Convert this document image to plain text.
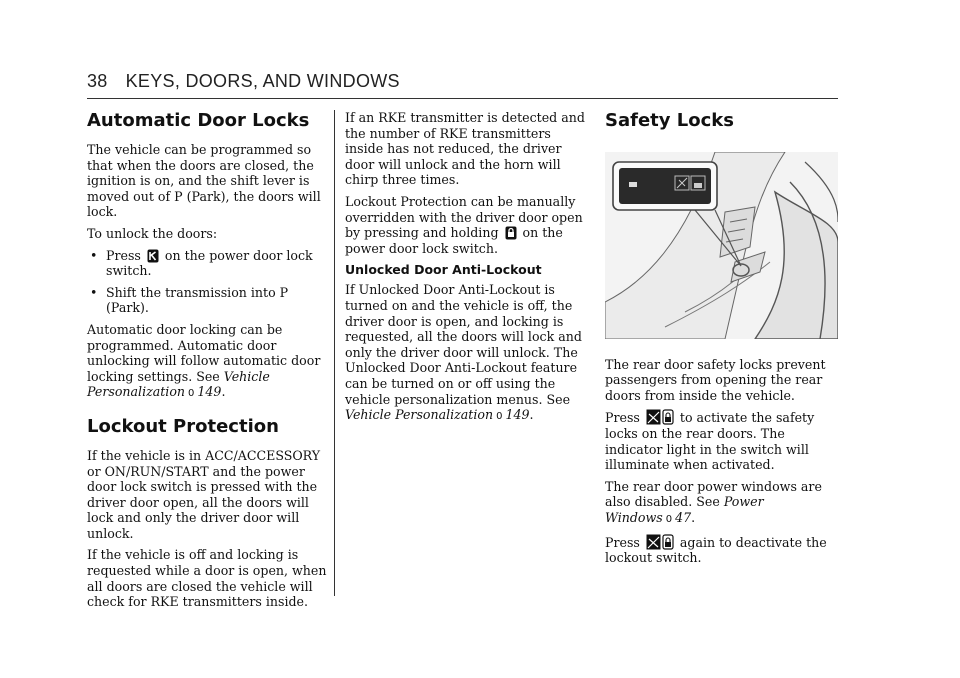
38 KEYS, DOORS, AND WINDOWS
Automatic Door Locks

The vehicle can be programmed so that when the doors are closed, the ignition is on, and the shift lever is moved out of P (Park), the doors will lock.

To unlock the doors:

• Press on the power door lock switch.
• Shift the transmission into P (Park).

Automatic door locking can be programmed. Automatic door unlocking will follow automatic door locking settings. See Vehicle Personalization 0 149.

Lockout Protection

If the vehicle is in ACC/ACCESSORY or ON/RUN/START and the power door lock switch is pressed with the driver door open, all the doors will lock and only the driver door will unlock.

If the vehicle is off and locking is requested while a door is open, when all doors are closed the vehicle will check for RKE transmitters inside.

If an RKE transmitter is detected and the number of RKE transmitters inside has not reduced, the driver door will unlock and the horn will chirp three times.

Lockout Protection can be manually overridden with the driver door open by pressing and holding on the power door lock switch.

Unlocked Door Anti-Lockout

If Unlocked Door Anti-Lockout is turned on and the vehicle is off, the driver door is open, and locking is requested, all the doors will lock and only the driver door will unlock. The Unlocked Door Anti-Lockout feature can be turned on or off using the vehicle personalization menus. See Vehicle Personalization 0 149.

Safety Locks

The rear door safety locks prevent passengers from opening the rear doors from inside the vehicle.

Press	to activate the safety locks on the rear doors. The indicator light in the switch will illuminate when activated.

The rear door power windows are also disabled. See Power Windows 0 47.

Press	again to deactivate the lockout switch.
